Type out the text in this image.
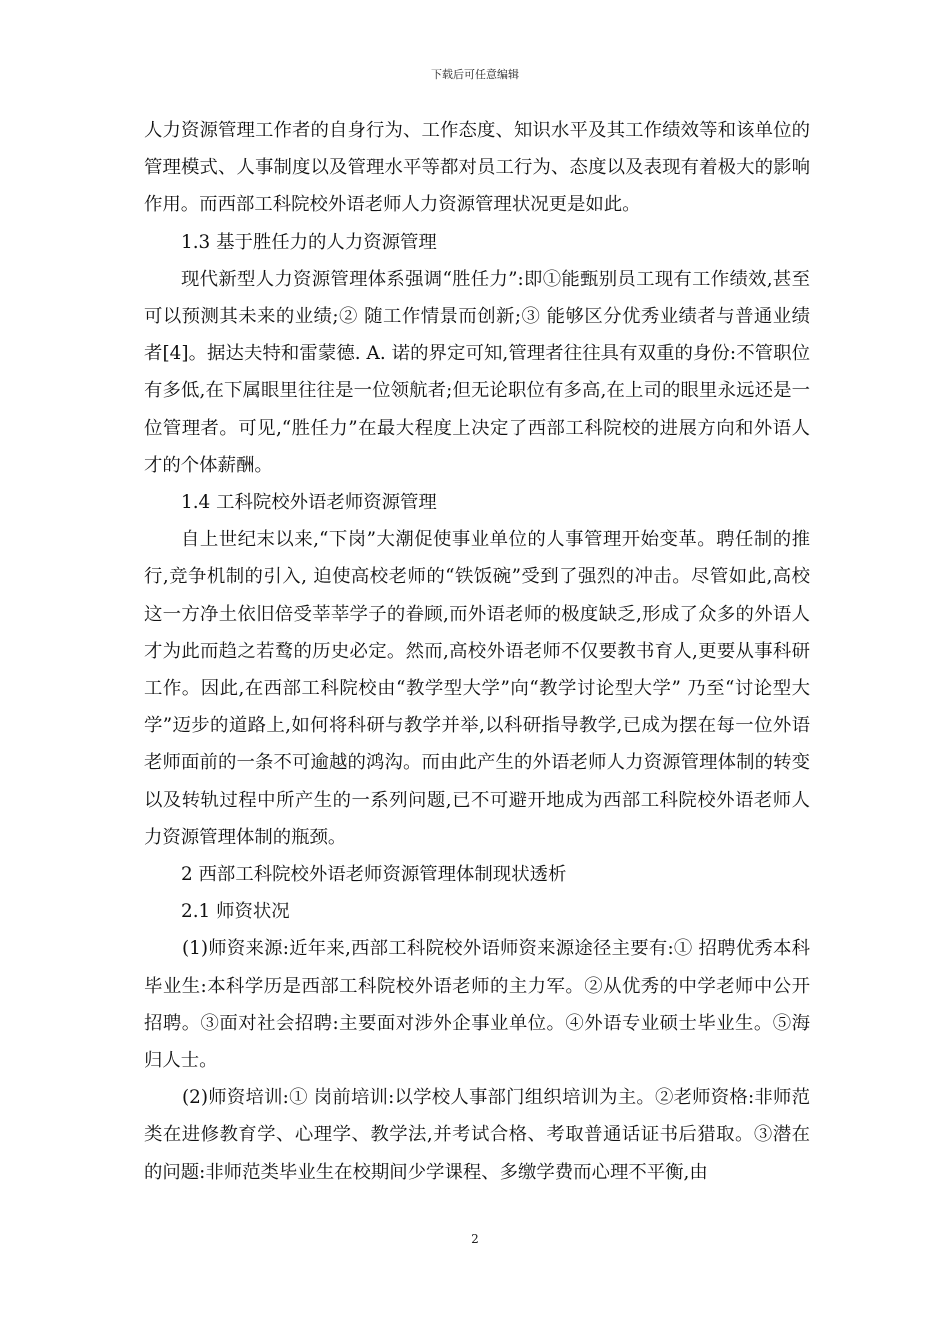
下载后可任意编辑

人力资源管理工作者的自身行为、工作态度、知识水平及其工作绩效等和该单位的管理模式、人事制度以及管理水平等都对员工行为、态度以及表现有着极大的影响作用。而西部工科院校外语老师人力资源管理状况更是如此。

1.3 基于胜任力的人力资源管理

现代新型人力资源管理体系强调“胜任力”:即①能甄别员工现有工作绩效,甚至可以预测其未来的业绩;② 随工作情景而创新;③ 能够区分优秀业绩者与普通业绩者[4]。据达夫特和雷蒙德. A. 诺的界定可知,管理者往往具有双重的身份:不管职位有多低,在下属眼里往往是一位领航者;但无论职位有多高,在上司的眼里永远还是一位管理者。可见,“胜任力”在最大程度上决定了西部工科院校的进展方向和外语人才的个体薪酬。

1.4 工科院校外语老师资源管理

自上世纪末以来,“下岗”大潮促使事业单位的人事管理开始变革。聘任制的推行,竞争机制的引入, 迫使高校老师的“铁饭碗”受到了强烈的冲击。尽管如此,高校这一方净土依旧倍受莘莘学子的眷顾,而外语老师的极度缺乏,形成了众多的外语人才为此而趋之若鹜的历史必定。然而,高校外语老师不仅要教书育人,更要从事科研工作。因此,在西部工科院校由“教学型大学”向“教学讨论型大学” 乃至“讨论型大学”迈步的道路上,如何将科研与教学并举,以科研指导教学,已成为摆在每一位外语老师面前的一条不可逾越的鸿沟。而由此产生的外语老师人力资源管理体制的转变以及转轨过程中所产生的一系列问题,已不可避开地成为西部工科院校外语老师人力资源管理体制的瓶颈。

2 西部工科院校外语老师资源管理体制现状透析

2.1 师资状况

(1)师资来源:近年来,西部工科院校外语师资来源途径主要有:① 招聘优秀本科毕业生:本科学历是西部工科院校外语老师的主力军。②从优秀的中学老师中公开招聘。③面对社会招聘:主要面对涉外企事业单位。④外语专业硕士毕业生。⑤海归人士。

(2)师资培训:① 岗前培训:以学校人事部门组织培训为主。②老师资格:非师范类在进修教育学、心理学、教学法,并考试合格、考取普通话证书后猎取。③潜在的问题:非师范类毕业生在校期间少学课程、多缴学费而心理不平衡,由

2
